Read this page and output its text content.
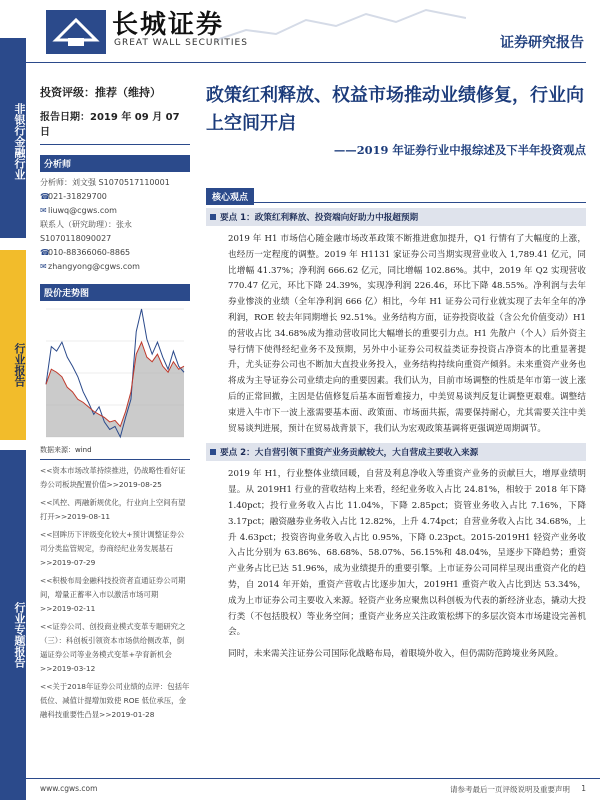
非银行金融行业
行业报告
行业专题报告
长城证券
GREAT WALL SECURITIES	证券研究报告
投资评级：推荐（维持）
报告日期：2019 年 09 月 07 日
分析师
分析师：刘文强 S1070517110001
☎021-31829700
✉liuwq@cgws.com
联系人（研究助理）：张永 S1070118090027
☎010-88366060-8865
✉zhangyong@cgws.com
股价走势图
数据来源：wind
<<资本市场改革持续推进，仍战略性看好证券公司板块配置价值>>2019-08-25
<<风控、两融新规优化，行业向上空间有望打开>>2019-08-11
<<回眸历下评级变化较大+预计调整证券公司分类监管规定，券商经纪业务发展基石>>2019-07-29
<<积极布局金融科技投资者直通证券公司期间，增量正蓄率入市以激活市场可期>>2019-02-11
<<证券公司、创投商业模式变革专题研究之（三）：科创板引领资本市场供给侧改革，倒逼证券公司等业务模式变革+孕育新机会>>2019-03-12
<<关于2018年证券公司业绩的点评：包括年低位、减值计提增加致使 ROE 低位承压，金融科技重要性凸显>>2019-01-28
政策红利释放、权益市场推动业绩修复，行业向上空间开启
——2019 年证券行业中报综述及下半年投资观点
核心观点
要点 1：政策红利释放、投资端向好助力中报超预期
2019 年 H1 市场信心随金融市场改革政策不断推进愈加提升，Q1 行情有了大幅度的上涨，也经历一定程度的调整。2019 年 H1131 家证券公司当期实现营业收入 1,789.41 亿元，同比增幅 41.37%；净利润 666.62 亿元，同比增幅 102.86%。其中，2019 年 Q2 实现营收 770.47 亿元，环比下降 24.39%，实现净利润 226.46，环比下降 48.55%。净利润与去年券业惨淡的业绩（全年净利润 666 亿）相比，今年 H1 证券公司行业就实现了去年全年的净利润，ROE 较去年同期增长 92.51%。业务结构方面，证券投资收益（含公允价值变动）H1 的营收占比 34.68%成为推动营收同比大幅增长的重要引力点。H1 先散户（个人）后外资主导行情下使得经纪业务不及预期，另外中小证券公司权益类证券投资占净资本的比重显著提升，尤头证券公司也不断加大直投业务投入，业务结构持续向重资产倾斜。未来重资产业务也将成为主导证券公司业绩走向的重要因素。我们认为，目前市场调整的性质是年市第一波上涨后的正常回撤，主因是估值修复后基本面暂难接力，中美贸易谈判反复让调整更艰难。调整结束进入牛市下一波上涨需要基本面、政策面、市场面共振，需要保持耐心，尤其需要关注中美贸易谈判进展，预计在贸易战背景下，我们认为宏观政策基调将更强调逆周期调节。
要点 2：大自营引领下重资产业务贡献较大，大自营成主要收入来源
2019 年 H1，行业整体业绩回暖，自营及利息净收入等重资产业务的贡献巨大，增厚业绩明显。从 2019H1 行业的营收结构上来看，经纪业务收入占比 24.81%，相较于 2018 年下降 1.40pct；投行业务收入占比 11.04%，下降 2.85pct；资管业务收入占比 7.16%，下降 3.17pct；融资融券业务收入占比 12.82%，上升 4.74pct；自营业务收入占比 34.68%，上升 4.63pct；投资咨询业务收入占比 0.95%，下降 0.23pct。2015-2019H1 轻资产业务收入占比分别为 63.86%、68.68%、58.07%、56.15%和 48.04%，呈逐步下降趋势；重资产业务占比已达 51.96%，成为业绩提升的重要引擎。上市证券公司同样呈现出重资产化的趋势，自 2014 年开始，重资产营收占比逐步加大，2019H1 重资产收入占比到达 53.34%，成为上市证券公司主要收入来源。轻资产业务应聚焦以科创板为代表的新经济业态，撬动大投行类（不包括股权）等业务空间；重资产业务应关注政策松绑下的多层次资本市场建设完善机会。
同时，未来需关注证券公司国际化战略布局，着眼境外收入，但仍需防范跨境业务风险。
www.cgws.com	请参考最后一页评级说明及重要声明 1
